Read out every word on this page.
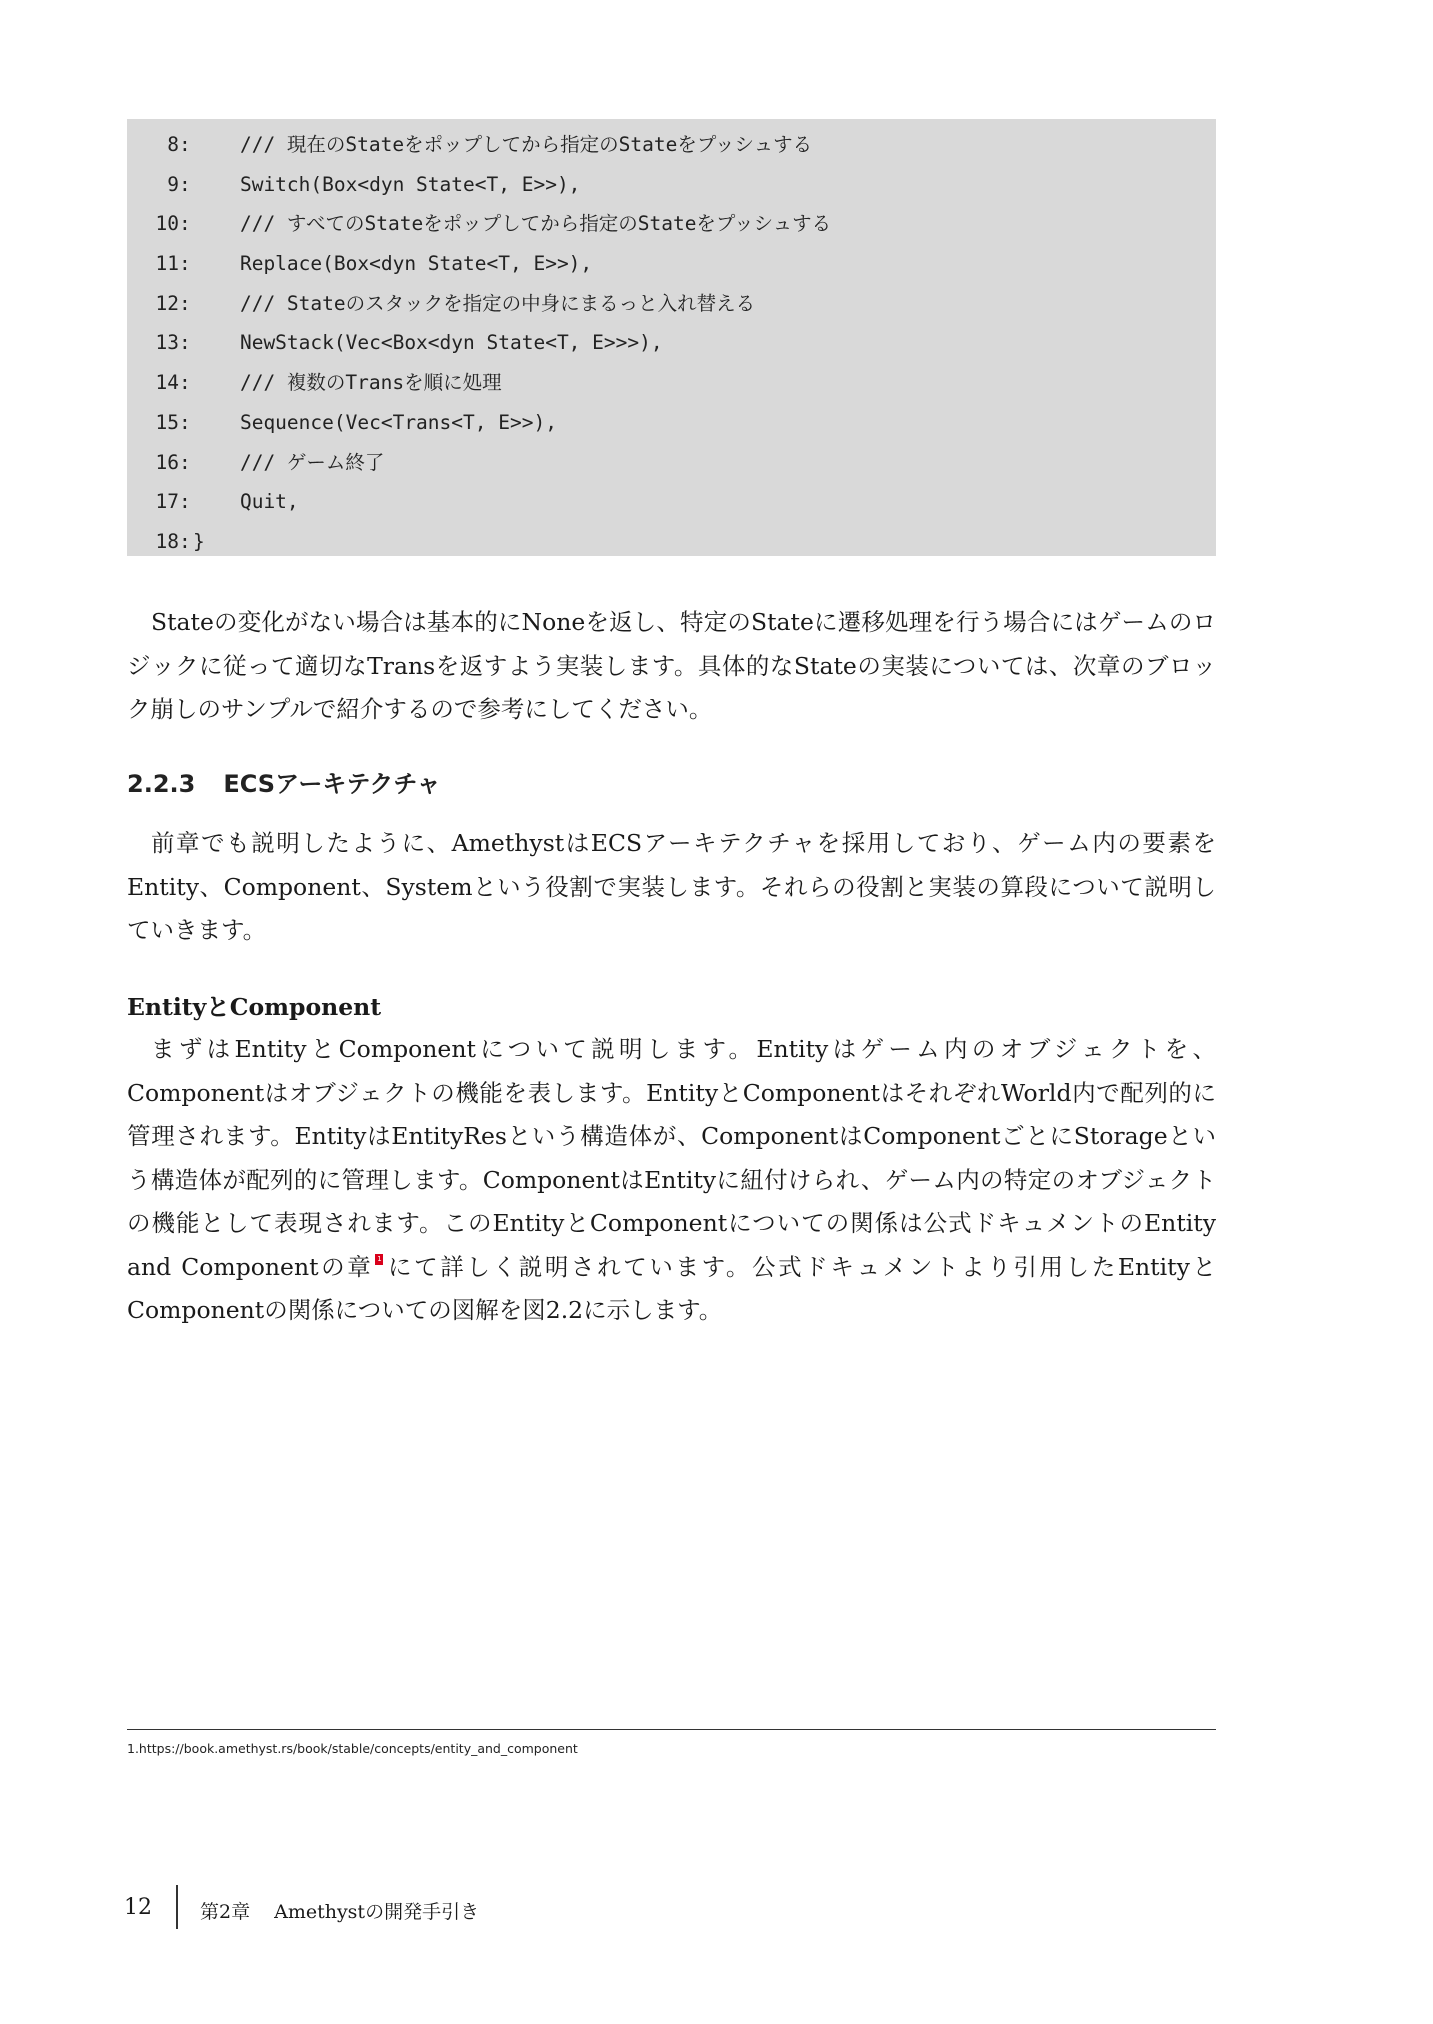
8 : /// 現在のStateをポップしてから指定のStateをプッシュする
9 : Switch(Box<dyn State<T, E>>),
10 : /// すべてのStateをポップしてから指定のStateをプッシュする
11 : Replace(Box<dyn State<T, E>>),
12 : /// Stateのスタックを指定の中身にまるっと入れ替える
13 : NewStack(Vec<Box<dyn State<T, E>>>),
14 : /// 複数のTransを順に処理
15 : Sequence(Vec<Trans<T, E>>),
16 : /// ゲーム終了
17 : Quit,
18 : }

Stateの変化がない場合は基本的にNoneを返し、特定のStateに遷移処理を行う場合にはゲームのロジックに従って適切なTransを返すよう実装します。具体的なStateの実装については、次章のブロック崩しのサンプルで紹介するので参考にしてください。

2.2.3 ECSアーキテクチャ

前章でも説明したように、AmethystはECSアーキテクチャを採用しており、ゲーム内の要素をEntity、Component、Systemという役割で実装します。それらの役割と実装の算段について説明していきます。

EntityとComponent

まずはEntityとComponentについて説明します。Entityはゲーム内のオブジェクトを、Componentはオブジェクトの機能を表します。EntityとComponentはそれぞれWorld内で配列的に管理されます。EntityはEntityResという構造体が、ComponentはComponentごとにStorageという構造体が配列的に管理します。ComponentはEntityに紐付けられ、ゲーム内の特定のオブジェクトの機能として表現されます。このEntityとComponentについての関係は公式ドキュメントのEntity and Componentの章 1 にて詳しく説明されています。公式ドキュメントより引用したEntityとComponentの関係についての図解を図2.2に示します。

1.https://book.amethyst.rs/book/stable/concepts/entity_and_component

12	第2章 Amethystの開発手引き
